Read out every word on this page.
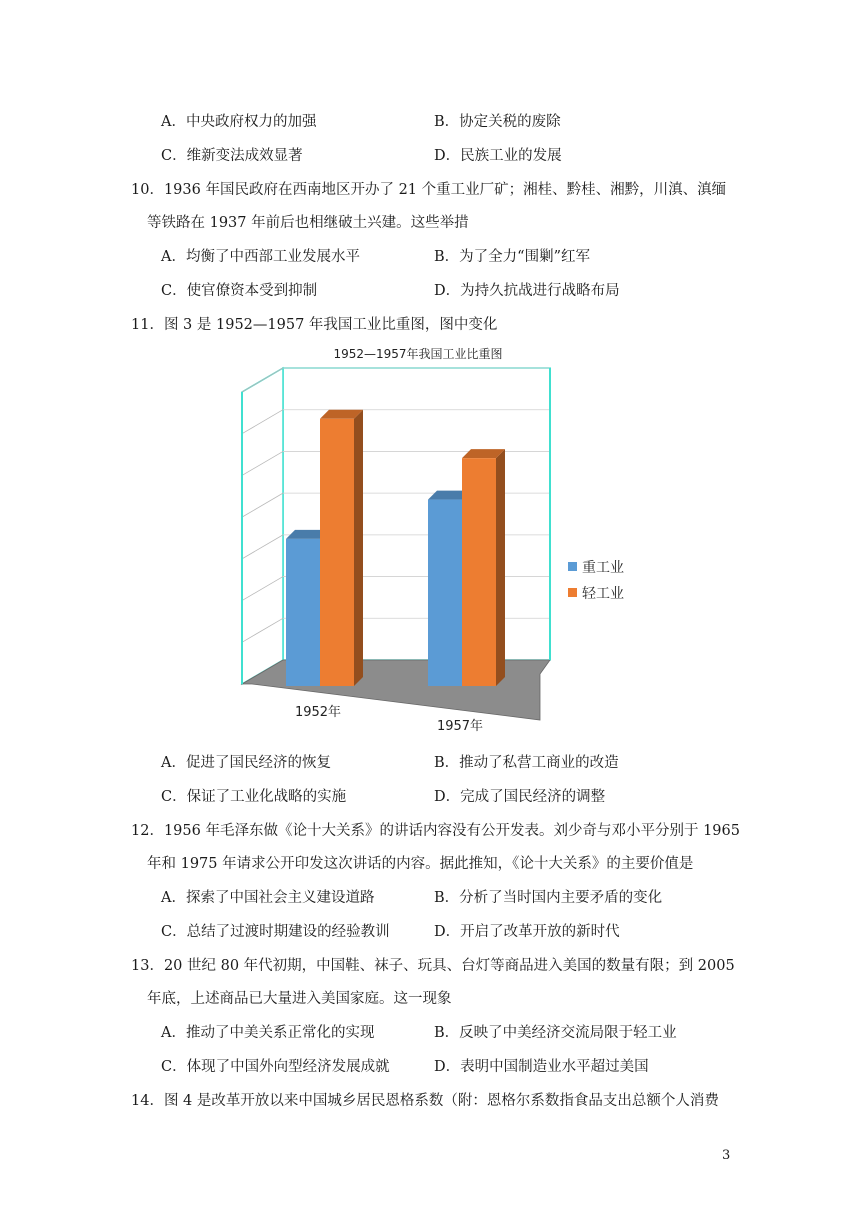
A．中央政府权力的加强	B．协定关税的废除
C．维新变法成效显著	D．民族工业的发展
10．1936 年国民政府在西南地区开办了 21 个重工业厂矿；湘桂、黔桂、湘黔，川滇、滇缅
等铁路在 1937 年前后也相继破土兴建。这些举措
A．均衡了中西部工业发展水平	B．为了全力“围剿”红军
C．使官僚资本受到抑制	D．为持久抗战进行战略布局
11．图 3 是 1952—1957 年我国工业比重图，图中变化
1952—1957年我国工业比重图
1952年
1957年
重工业
轻工业
A．促进了国民经济的恢复	B．推动了私营工商业的改造
C．保证了工业化战略的实施	D．完成了国民经济的调整
12．1956 年毛泽东做《论十大关系》的讲话内容没有公开发表。刘少奇与邓小平分别于 1965
年和 1975 年请求公开印发这次讲话的内容。据此推知，《论十大关系》的主要价值是
A．探索了中国社会主义建设道路	B．分析了当时国内主要矛盾的变化
C．总结了过渡时期建设的经验教训	D．开启了改革开放的新时代
13．20 世纪 80 年代初期，中国鞋、袜子、玩具、台灯等商品进入美国的数量有限；到 2005
年底，上述商品已大量进入美国家庭。这一现象
A．推动了中美关系正常化的实现	B．反映了中美经济交流局限于轻工业
C．体现了中国外向型经济发展成就	D．表明中国制造业水平超过美国
14．图 4 是改革开放以来中国城乡居民恩格系数（附：恩格尔系数指食品支出总额个人消费
3
